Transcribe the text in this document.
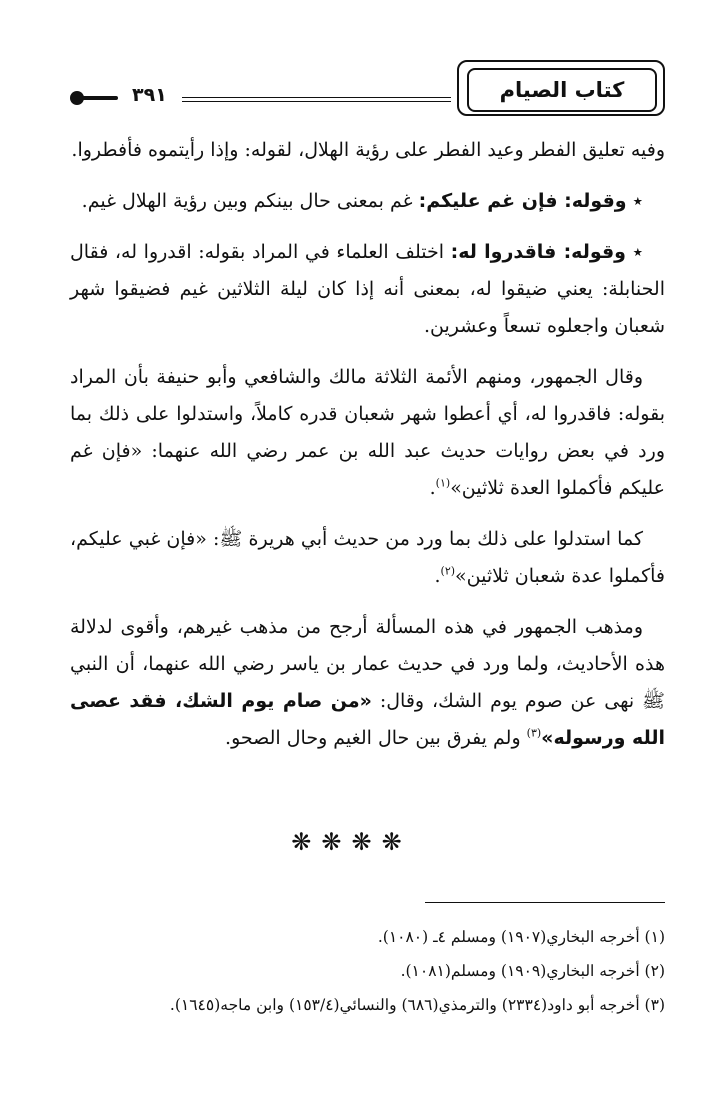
كتاب الصيام
٣٩١

وفيه تعليق الفطر وعيد الفطر على رؤية الهلال، لقوله: وإذا رأيتموه فأفطروا.

٭ وقوله: فإن غم عليكم: غم بمعنى حال بينكم وبين رؤية الهلال غيم.

٭ وقوله: فاقدروا له: اختلف العلماء في المراد بقوله: اقدروا له، فقال الحنابلة: يعني ضيقوا له، بمعنى أنه إذا كان ليلة الثلاثين غيم فضيقوا شهر شعبان واجعلوه تسعاً وعشرين.

وقال الجمهور، ومنهم الأئمة الثلاثة مالك والشافعي وأبو حنيفة بأن المراد بقوله: فاقدروا له، أي أعطوا شهر شعبان قدره كاملاً، واستدلوا على ذلك بما ورد في بعض روايات حديث عبد الله بن عمر رضي الله عنهما: «فإن غم عليكم فأكملوا العدة ثلاثين»$^{(١)}$.

كما استدلوا على ذلك بما ورد من حديث أبي هريرة ﷺ: «فإن غبي عليكم، فأكملوا عدة شعبان ثلاثين»$^{(٢)}$.

ومذهب الجمهور في هذه المسألة أرجح من مذهب غيرهم، وأقوى لدلالة هذه الأحاديث، ولما ورد في حديث عمار بن ياسر رضي الله عنهما، أن النبي ﷺ نهى عن صوم يوم الشك، وقال: «من صام يوم الشك، فقد عصى الله ورسوله»$^{(٣)}$ ولم يفرق بين حال الغيم وحال الصحو.

❋❋❋❋

(١) أخرجه البخاري(١٩٠٧) ومسلم ٤ـ (١٠٨٠).

(٢) أخرجه البخاري(١٩٠٩) ومسلم(١٠٨١).

(٣) أخرجه أبو داود(٢٣٣٤) والترمذي(٦٨٦) والنسائي(١٥٣/٤) وابن ماجه(١٦٤٥).
